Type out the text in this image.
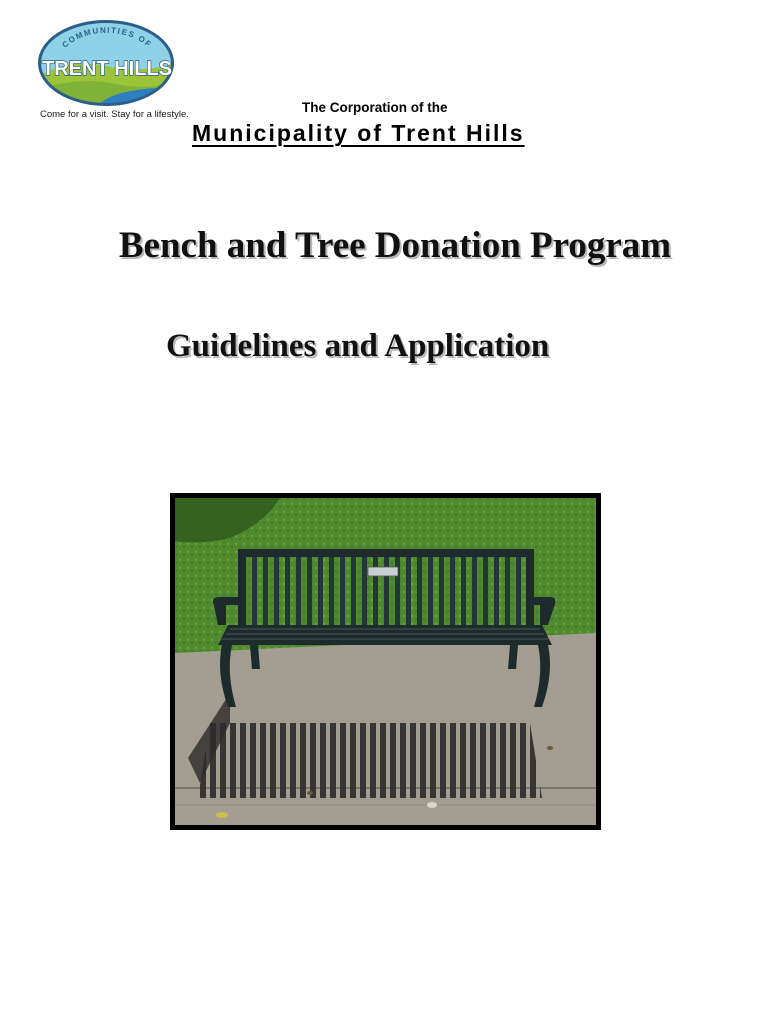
COMMUNITIES OF
TRENT HILLS
Come for a visit. Stay for a lifestyle.	The Corporation of the
Municipality of Trent Hills
Bench and Tree Donation Program
Guidelines and Application
